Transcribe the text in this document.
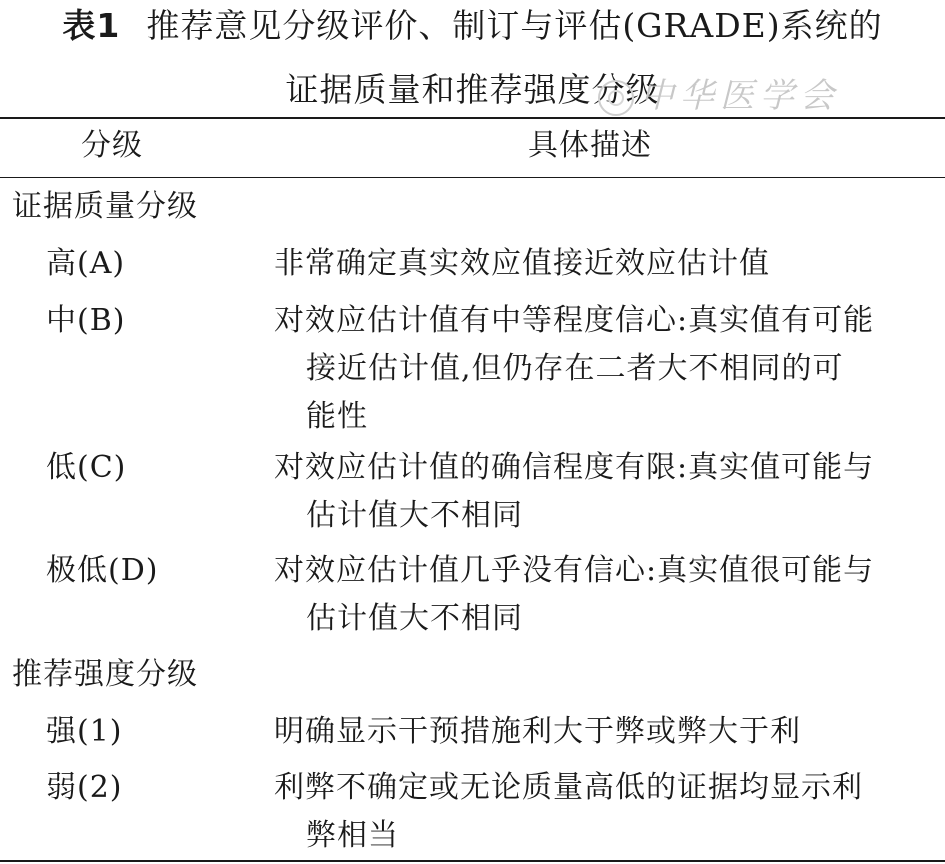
表1 推荐意见分级评价、制订与评估(GRADE)系统的
证据质量和推荐强度分级
中华医学会
分级	具体描述
证据质量分级
高(A)	非常确定真实效应值接近效应估计值
中(B)	对效应估计值有中等程度信心:真实值有可能
接近估计值,但仍存在二者大不相同的可
能性
低(C)	对效应估计值的确信程度有限:真实值可能与
估计值大不相同
极低(D)	对效应估计值几乎没有信心:真实值很可能与
估计值大不相同
推荐强度分级
强(1)	明确显示干预措施利大于弊或弊大于利
弱(2)	利弊不确定或无论质量高低的证据均显示利
弊相当
